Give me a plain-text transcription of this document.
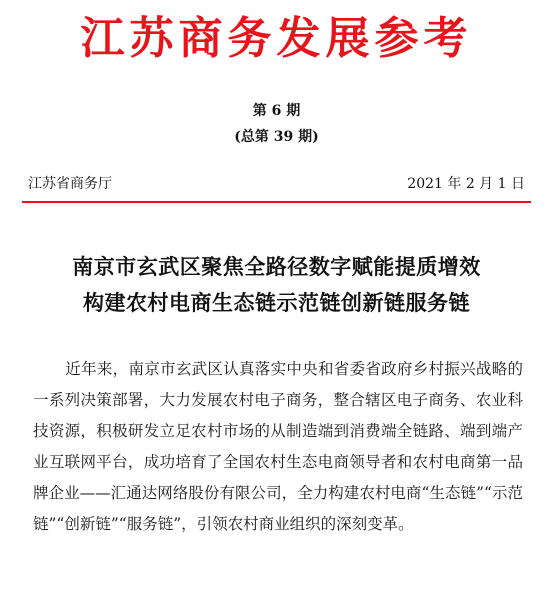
江苏商务发展参考
第 6 期
(总第 39 期)
江苏省商务厅	2021 年 2 月 1 日
南京市玄武区聚焦全路径数字赋能提质增效
构建农村电商生态链示范链创新链服务链
近年来，南京市玄武区认真落实中央和省委省政府乡村振兴战略的一系列决策部署，大力发展农村电子商务，整合辖区电子商务、农业科技资源，积极研发立足农村市场的从制造端到消费端全链路、端到端产业互联网平台，成功培育了全国农村生态电商领导者和农村电商第一品牌企业——汇通达网络股份有限公司，全力构建农村电商“生态链”“示范链”“创新链”“服务链”，引领农村商业组织的深刻变革。
